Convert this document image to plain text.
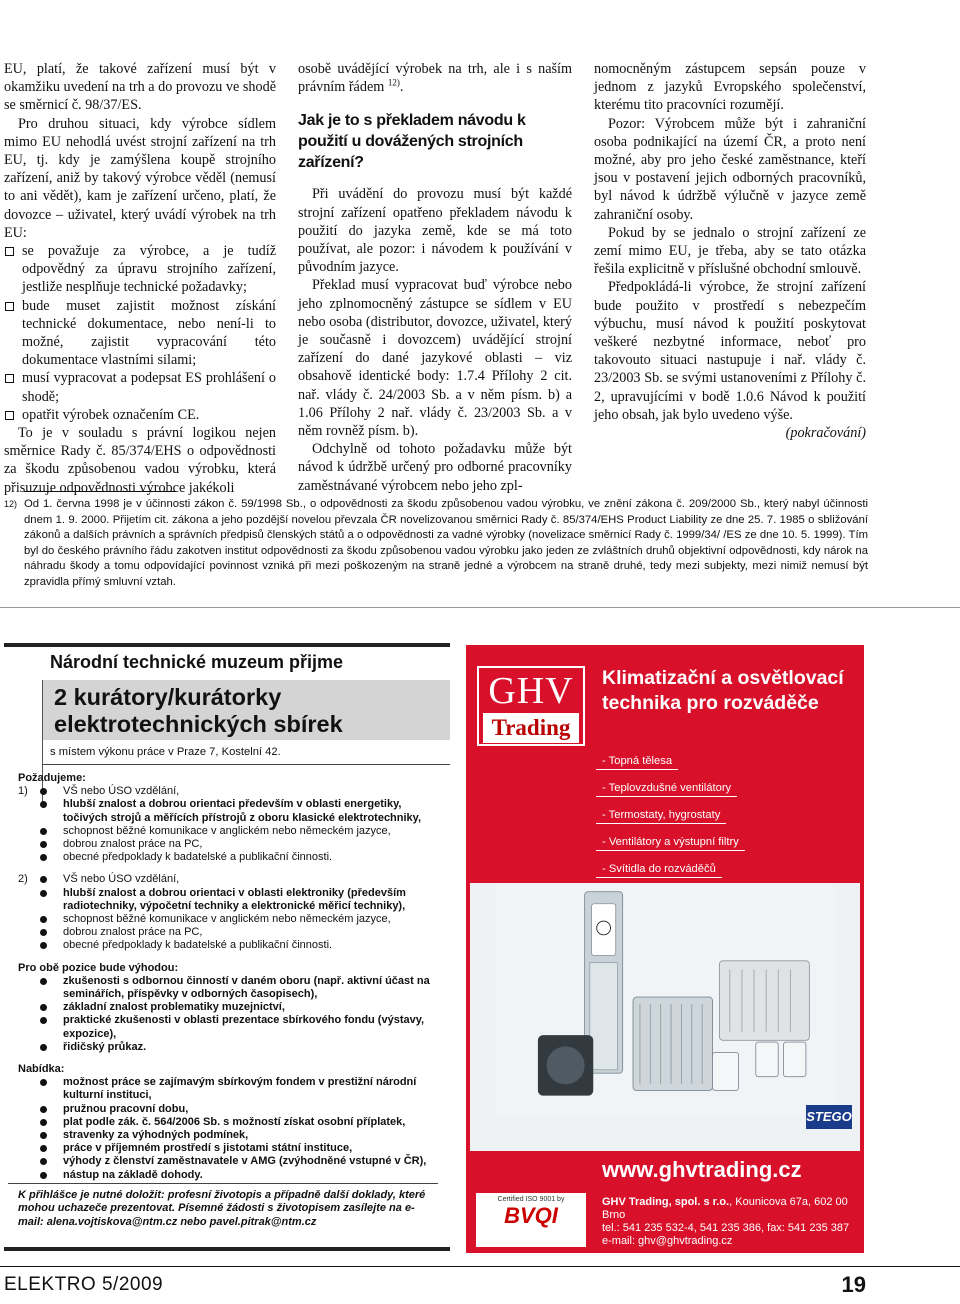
EU, platí, že takové zařízení musí být v okamžiku uvedení na trh a do provozu ve shodě se směrnicí č. 98/37/ES.

Pro druhou situaci, kdy výrobce sídlem mimo EU nehodlá uvést strojní zařízení na trh EU, tj. kdy je zamýšlena koupě strojního zařízení, aniž by takový výrobce věděl (nemusí to ani vědět), kam je zařízení určeno, platí, že dovozce – uživatel, který uvádí výrobek na trh EU:

se považuje za výrobce, a je tudíž odpovědný za úpravu strojního zařízení, jestliže nesplňuje technické požadavky;
bude muset zajistit možnost získání technické dokumentace, nebo není-li to možné, zajistit vypracování této dokumentace vlastními silami;
musí vypracovat a podepsat ES prohlášení o shodě;
opatřit výrobek označením CE.

To je v souladu s právní logikou nejen směrnice Rady č. 85/374/EHS o odpovědnosti za škodu způsobenou vadou výrobku, která přisuzuje odpovědnosti výrobce jakékoli

osobě uvádějící výrobek na trh, ale i s naším právním řádem $^{12)}$.

Jak je to s překladem návodu k použití u dovážených strojních zařízení?

Při uvádění do provozu musí být každé strojní zařízení opatřeno překladem návodu k použití do jazyka země, kde se má toto používat, ale pozor: i návodem k používání v původním jazyce.

Překlad musí vypracovat buď výrobce nebo jeho zplnomocněný zástupce se sídlem v EU nebo osoba (distributor, dovozce, uživatel, který je současně i dovozcem) uvádějící strojní zařízení do dané jazykové oblasti – viz obsahově identické body: 1.7.4 Přílohy 2 cit. nař. vlády č. 24/2003 Sb. a v něm písm. b) a 1.06 Přílohy 2 nař. vlády č. 23/2003 Sb. a v něm rovněž písm. b).

Odchylně od tohoto požadavku může být návod k údržbě určený pro odborné pracovníky zaměstnávané výrobcem nebo jeho zpl-

nomocněným zástupcem sepsán pouze v jednom z jazyků Evropského společenství, kterému tito pracovníci rozumějí.

Pozor: Výrobcem může být i zahraniční osoba podnikající na území ČR, a proto není možné, aby pro jeho české zaměstnance, kteří jsou v postavení jejich odborných pracovníků, byl návod k údržbě výlučně v jazyce země zahraniční osoby.

Pokud by se jednalo o strojní zařízení ze zemí mimo EU, je třeba, aby se tato otázka řešila explicitně v příslušné obchodní smlouvě.

Předpokládá-li výrobce, že strojní zařízení bude použito v prostředí s nebezpečím výbuchu, musí návod k použití poskytovat veškeré nezbytné informace, neboť pro takovouto situaci nastupuje i nař. vlády č. 23/2003 Sb. se svými ustanoveními z Přílohy č. 2, upravujícími v bodě 1.0.6 Návod k použití jeho obsah, jak bylo uvedeno výše.

(pokračování)

12) Od 1. června 1998 je v účinnosti zákon č. 59/1998 Sb., o odpovědnosti za škodu způsobenou vadou výrobku, ve znění zákona č. 209/2000 Sb., který nabyl účinnosti dnem 1. 9. 2000. Přijetím cit. zákona a jeho pozdější novelou převzala ČR novelizovanou směrnici Rady č. 85/374/EHS Product Liability ze dne 25. 7. 1985 o sbližování zákonů a dalších právních a správních předpisů členských států a o odpovědnosti za vadné výrobky (novelizace směrnicí Rady č. 1999/34/ /ES ze dne 10. 5. 1999). Tím byl do českého právního řádu zakotven institut odpovědnosti za škodu způsobenou vadou výrobku jako jeden ze zvláštních druhů objektivní odpovědnosti, kdy nárok na náhradu škody a tomu odpovídající povinnost vzniká při mezi poškozeným na straně jedné a výrobcem na straně druhé, tedy mezi subjekty, mezi nimiž nemusí být zpravidla přímý smluvní vztah.
Národní technické muzeum přijme
2 kurátory/kurátorky elektrotechnických sbírek
s místem výkonu práce v Praze 7, Kostelní 42.
Požadujeme:
1)	VŠ nebo ÚSO vzdělání,
hlubší znalost a dobrou orientaci především v oblasti energetiky, točivých strojů a měřících přístrojů z oboru klasické elektrotechniky,
schopnost běžné komunikace v anglickém nebo německém jazyce,
dobrou znalost práce na PC,
obecné předpoklady k badatelské a publikační činnosti.
2)	VŠ nebo ÚSO vzdělání,
hlubší znalost a dobrou orientaci v oblasti elektroniky (především radiotechniky, výpočetní techniky a elektronické měřicí techniky),
schopnost běžné komunikace v anglickém nebo německém jazyce,
dobrou znalost práce na PC,
obecné předpoklady k badatelské a publikační činnosti.
Pro obě pozice bude výhodou:
zkušenosti s odbornou činností v daném oboru (např. aktivní účast na seminářích, příspěvky v odborných časopisech),
základní znalost problematiky muzejnictví,
praktické zkušenosti v oblasti prezentace sbírkového fondu (výstavy, expozice),
řidičský průkaz.
Nabídka:
možnost práce se zajímavým sbírkovým fondem v prestižní národní kulturní instituci,
pružnou pracovní dobu,
plat podle zák. č. 564/2006 Sb. s možností získat osobní příplatek,
stravenky za výhodných podmínek,
práce v příjemném prostředí s jistotami státní instituce,
výhody z členství zaměstnavatele v AMG (zvýhodněné vstupné v ČR),
nástup na základě dohody.
K přihlášce je nutné doložit: profesní životopis a případně další doklady, které mohou uchazeče prezentovat. Písemné žádosti s životopisem zasílejte na e-mail: alena.vojtiskova@ntm.cz nebo pavel.pitrak@ntm.cz
GHV
Trading
Klimatizační a osvětlovací technika pro rozváděče
- Topná tělesa
- Teplovzdušné ventilátory
- Termostaty, hygrostaty
- Ventilátory a výstupní filtry
- Svítidla do rozváděčů
STEGO
www.ghvtrading.cz
Certified ISO 9001 by
BVQI
GHV Trading, spol. s r.o., Kounicova 67a, 602 00 Brno
tel.: 541 235 532-4, 541 235 386, fax: 541 235 387
e-mail: ghv@ghvtrading.cz
ELEKTRO 5/2009	19
